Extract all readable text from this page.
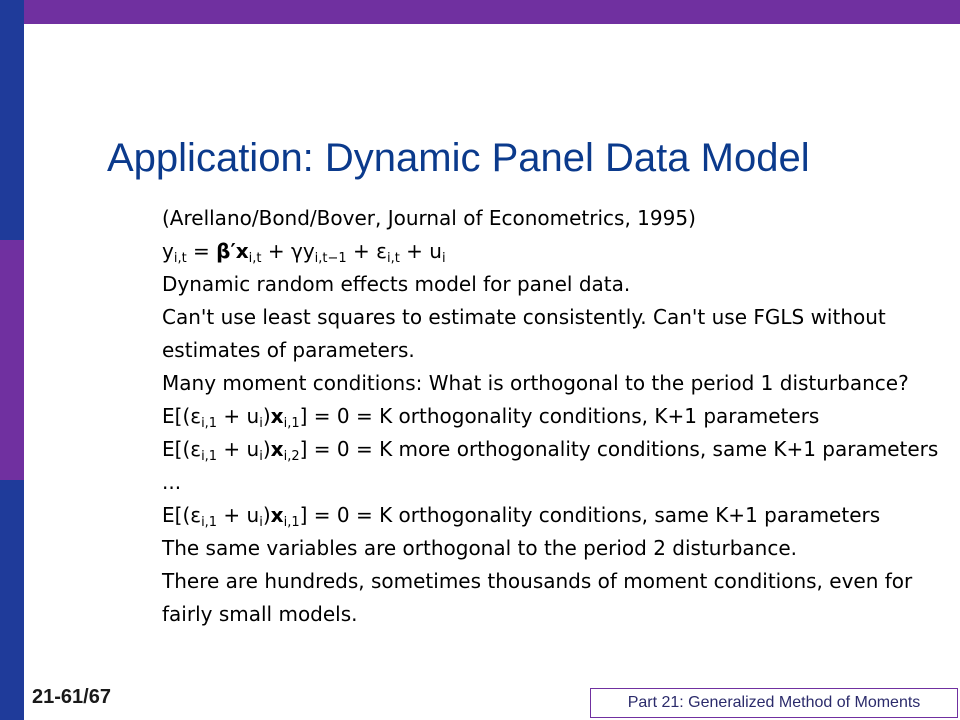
Application: Dynamic Panel Data Model
(Arellano/Bond/Bover, Journal of Econometrics, 1995)
$y_{i,t} = \beta'x_{i,t} + \gamma y_{i,t-1} + \varepsilon_{i,t} + u_i$
Dynamic random effects model for panel data.
Can't use least squares to estimate consistently. Can't use FGLS without
estimates of parameters.
Many moment conditions: What is orthogonal to the period 1 disturbance?
$E[(\varepsilon_{i,1} + u_i)x_{i,1}] = 0 = K$ orthogonality conditions, K+1 parameters
$E[(\varepsilon_{i,1} + u_i)x_{i,2}] = 0 = K$ more orthogonality conditions, same K+1 parameters
...
$E[(\varepsilon_{i,1} + u_i)x_{i,1}] = 0 = K$ orthogonality conditions, same K+1 parameters
The same variables are orthogonal to the period 2 disturbance.
There are hundreds, sometimes thousands of moment conditions, even for
fairly small models.
21-61/67	Part 21: Generalized Method of Moments
